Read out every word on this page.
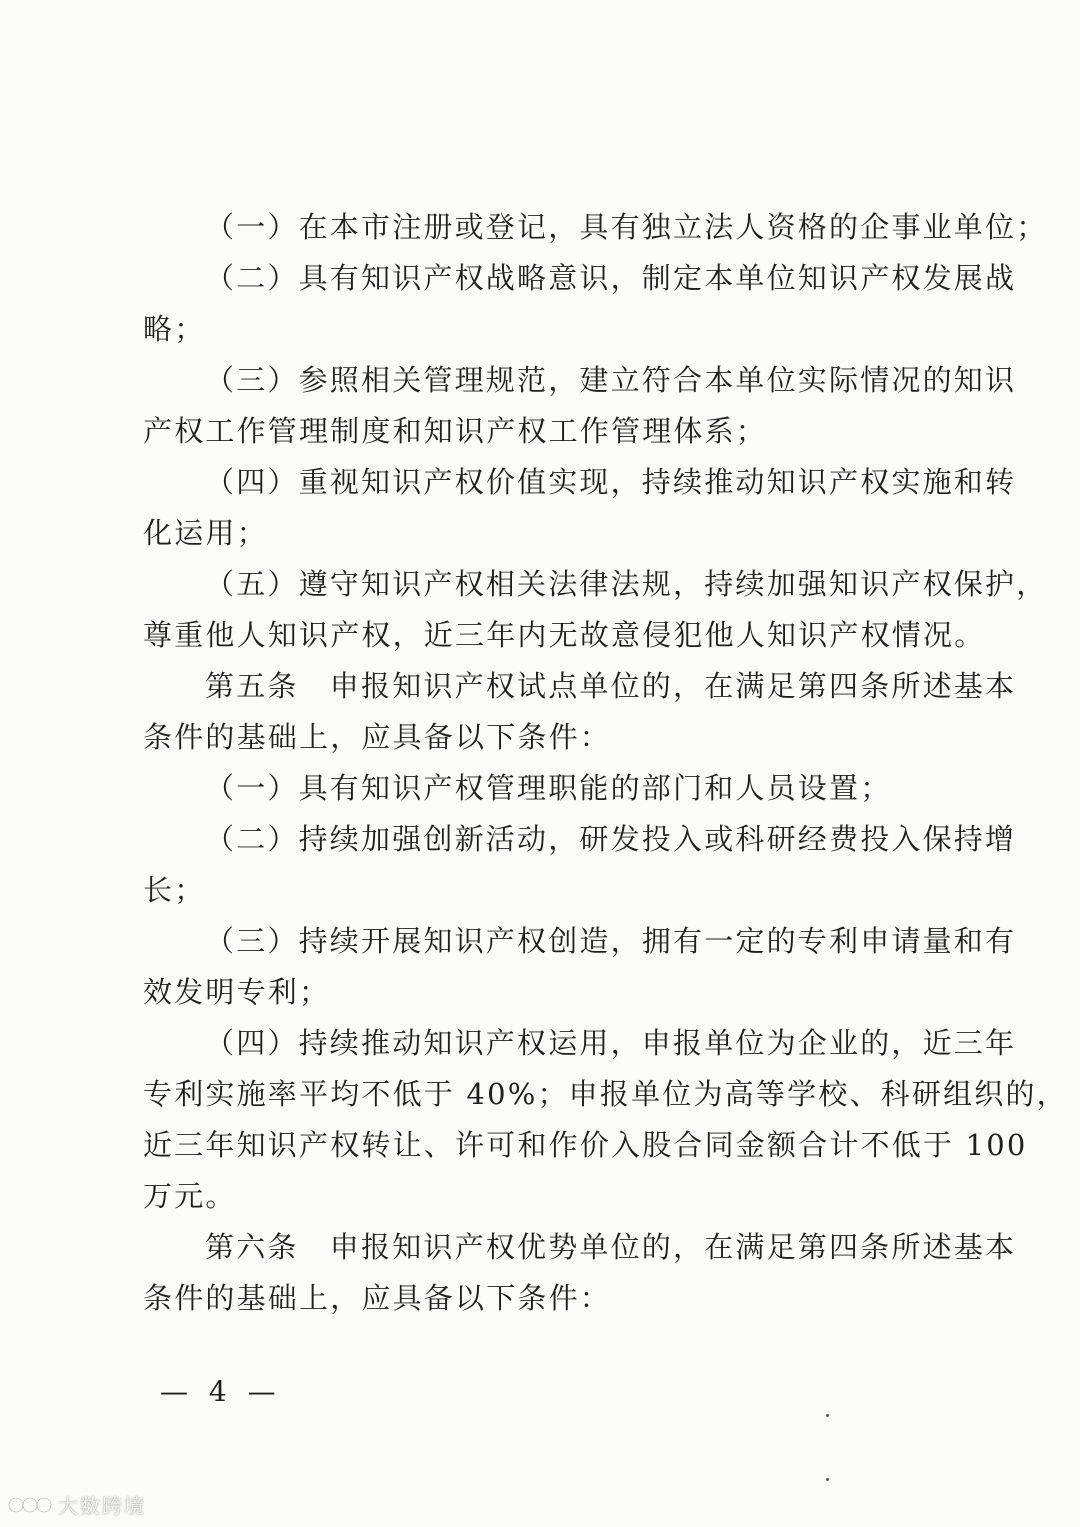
（一）在本市注册或登记，具有独立法人资格的企事业单位；
（二）具有知识产权战略意识，制定本单位知识产权发展战
略；
（三）参照相关管理规范，建立符合本单位实际情况的知识
产权工作管理制度和知识产权工作管理体系；
（四）重视知识产权价值实现，持续推动知识产权实施和转
化运用；
（五）遵守知识产权相关法律法规，持续加强知识产权保护，
尊重他人知识产权，近三年内无故意侵犯他人知识产权情况。
第五条　申报知识产权试点单位的，在满足第四条所述基本
条件的基础上，应具备以下条件：
（一）具有知识产权管理职能的部门和人员设置；
（二）持续加强创新活动，研发投入或科研经费投入保持增
长；
（三）持续开展知识产权创造，拥有一定的专利申请量和有
效发明专利；
（四）持续推动知识产权运用，申报单位为企业的，近三年
专利实施率平均不低于 40%；申报单位为高等学校、科研组织的，
近三年知识产权转让、许可和作价入股合同金额合计不低于 100
万元。
第六条　申报知识产权优势单位的，在满足第四条所述基本
条件的基础上，应具备以下条件：
— 4 —
大数跨境
